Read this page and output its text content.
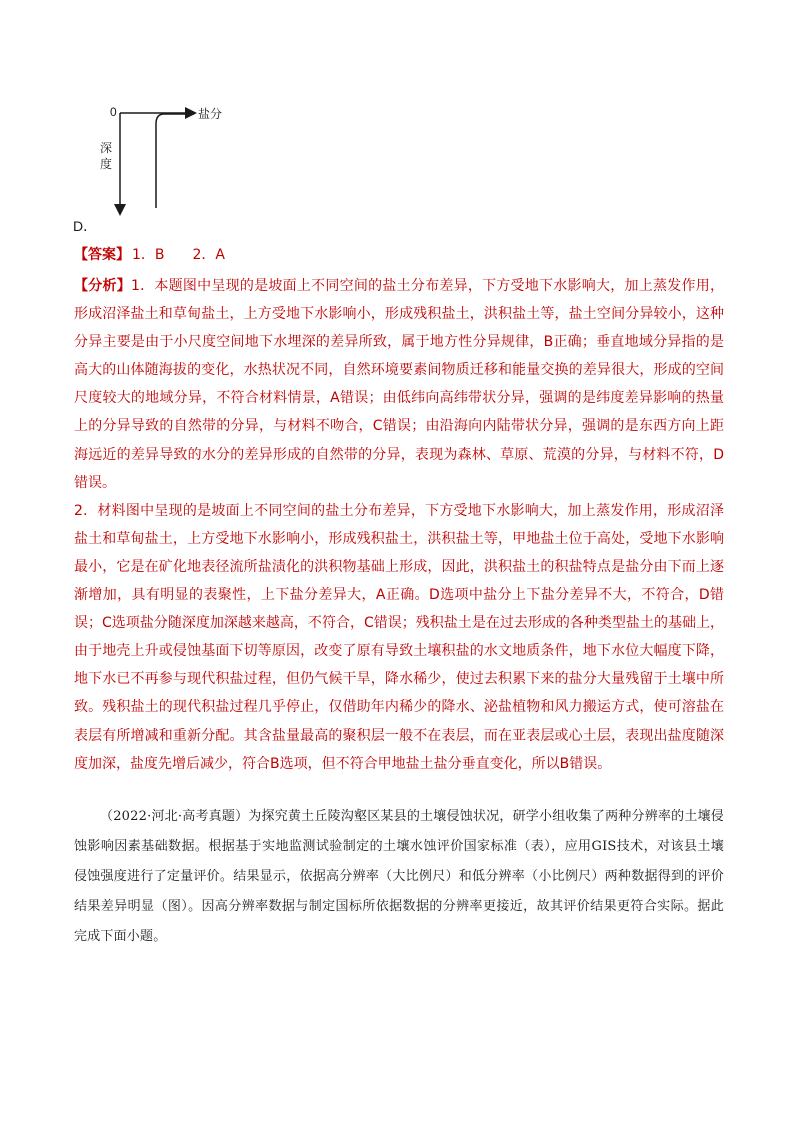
0	盐分
深度
D．
【答案】 1．B　　2．A

【分析】1．本题图中呈现的是坡面上不同空间的盐土分布差异，下方受地下水影响大，加上蒸发作用，形成沼泽盐土和草甸盐土，上方受地下水影响小，形成残积盐土，洪积盐土等，盐土空间分异较小，这种分异主要是由于小尺度空间地下水埋深的差异所致，属于地方性分异规律，B正确；垂直地域分异指的是高大的山体随海拔的变化，水热状况不同，自然环境要素间物质迁移和能量交换的差异很大，形成的空间尺度较大的地域分异，不符合材料情景，A错误；由低纬向高纬带状分异，强调的是纬度差异影响的热量上的分异导致的自然带的分异，与材料不吻合，C错误；由沿海向内陆带状分异，强调的是东西方向上距海远近的差异导致的水分的差异形成的自然带的分异，表现为森林、草原、荒漠的分异，与材料不符，D错误。

2．材料图中呈现的是坡面上不同空间的盐土分布差异，下方受地下水影响大，加上蒸发作用，形成沼泽盐土和草甸盐土，上方受地下水影响小，形成残积盐土，洪积盐土等，甲地盐土位于高处，受地下水影响最小，它是在矿化地表径流所盐渍化的洪积物基础上形成，因此，洪积盐土的积盐特点是盐分由下而上逐渐增加，具有明显的表聚性，上下盐分差异大，A正确。D选项中盐分上下盐分差异不大，不符合，D错误；C选项盐分随深度加深越来越高，不符合，C错误；残积盐土是在过去形成的各种类型盐土的基础上，由于地壳上升或侵蚀基面下切等原因，改变了原有导致土壤积盐的水文地质条件，地下水位大幅度下降，地下水已不再参与现代积盐过程，但仍气候干旱，降水稀少，使过去积累下来的盐分大量残留于土壤中所致。残积盐土的现代积盐过程几乎停止，仅借助年内稀少的降水、泌盐植物和风力搬运方式，使可溶盐在表层有所增减和重新分配。其含盐量最高的聚积层一般不在表层，而在亚表层或心土层，表现出盐度随深度加深，盐度先增后减少，符合B选项，但不符合甲地盐土盐分垂直变化，所以B错误。

（2022·河北·高考真题）为探究黄土丘陵沟壑区某县的土壤侵蚀状况，研学小组收集了两种分辨率的土壤侵蚀影响因素基础数据。根据基于实地监测试验制定的土壤水蚀评价国家标准（表），应用GIS技术，对该县土壤侵蚀强度进行了定量评价。结果显示，依据高分辨率（大比例尺）和低分辨率（小比例尺）两种数据得到的评价结果差异明显（图）。因高分辨率数据与制定国标所依据数据的分辨率更接近，故其评价结果更符合实际。据此完成下面小题。
